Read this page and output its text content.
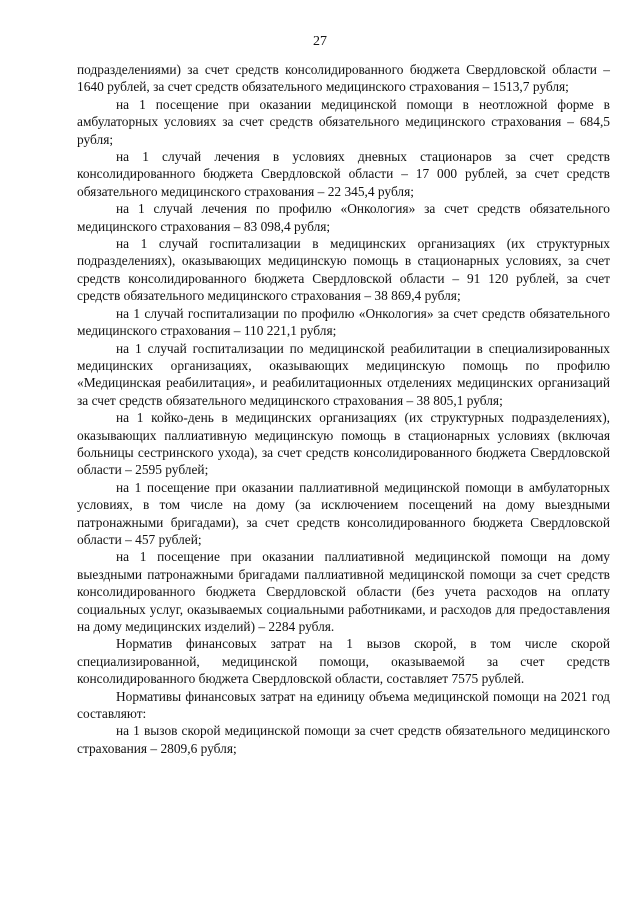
27

подразделениями) за счет средств консолидированного бюджета Свердловской области – 1640 рублей, за счет средств обязательного медицинского страхования – 1513,7 рубля;

на 1 посещение при оказании медицинской помощи в неотложной форме в амбулаторных условиях за счет средств обязательного медицинского страхования – 684,5 рубля;

на 1 случай лечения в условиях дневных стационаров за счет средств консолидированного бюджета Свердловской области – 17 000 рублей, за счет средств обязательного медицинского страхования – 22 345,4 рубля;

на 1 случай лечения по профилю «Онкология» за счет средств обязательного медицинского страхования – 83 098,4 рубля;

на 1 случай госпитализации в медицинских организациях (их структурных подразделениях), оказывающих медицинскую помощь в стационарных условиях, за счет средств консолидированного бюджета Свердловской области – 91 120 рублей, за счет средств обязательного медицинского страхования – 38 869,4 рубля;

на 1 случай госпитализации по профилю «Онкология» за счет средств обязательного медицинского страхования – 110 221,1 рубля;

на 1 случай госпитализации по медицинской реабилитации в специализированных медицинских организациях, оказывающих медицинскую помощь по профилю «Медицинская реабилитация», и реабилитационных отделениях медицинских организаций за счет средств обязательного медицинского страхования – 38 805,1 рубля;

на 1 койко-день в медицинских организациях (их структурных подразделениях), оказывающих паллиативную медицинскую помощь в стационарных условиях (включая больницы сестринского ухода), за счет средств консолидированного бюджета Свердловской области – 2595 рублей;

на 1 посещение при оказании паллиативной медицинской помощи в амбулаторных условиях, в том числе на дому (за исключением посещений на дому выездными патронажными бригадами), за счет средств консолидированного бюджета Свердловской области – 457 рублей;

на 1 посещение при оказании паллиативной медицинской помощи на дому выездными патронажными бригадами паллиативной медицинской помощи за счет средств консолидированного бюджета Свердловской области (без учета расходов на оплату социальных услуг, оказываемых социальными работниками, и расходов для предоставления на дому медицинских изделий) – 2284 рубля.

Норматив финансовых затрат на 1 вызов скорой, в том числе скорой специализированной, медицинской помощи, оказываемой за счет средств консолидированного бюджета Свердловской области, составляет 7575 рублей.

Нормативы финансовых затрат на единицу объема медицинской помощи на 2021 год составляют:

на 1 вызов скорой медицинской помощи за счет средств обязательного медицинского страхования – 2809,6 рубля;
